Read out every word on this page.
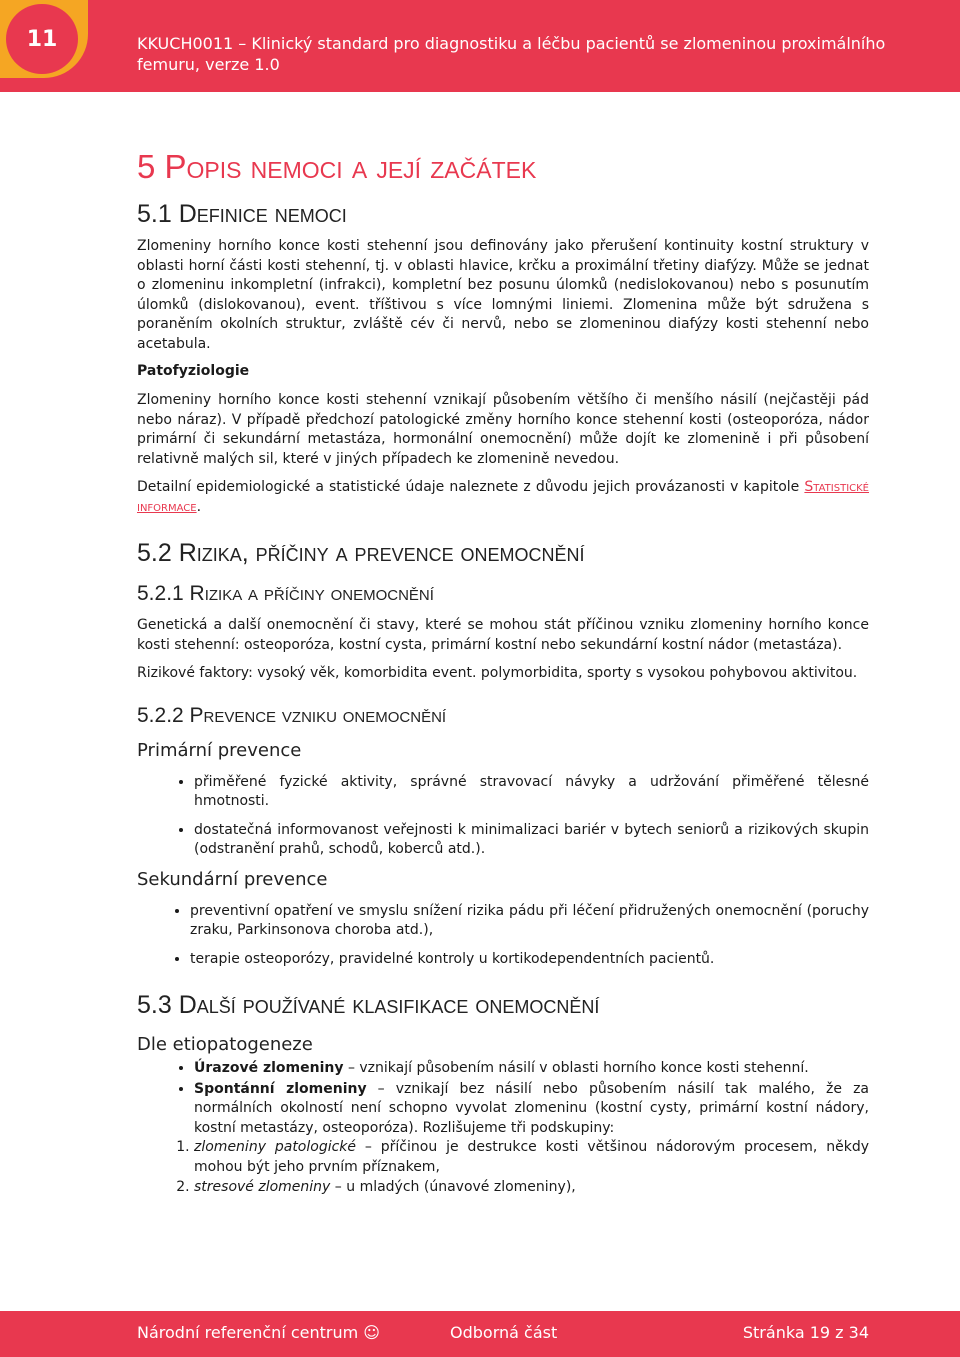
11	KKUCH0011 – Klinický standard pro diagnostiku a léčbu pacientů se zlomeninou proximálního femuru, verze 1.0
5 Popis nemoci a její začátek
5.1 Definice nemoci

Zlomeniny horního konce kosti stehenní jsou definovány jako přerušení kontinuity kostní struktury v oblasti horní části kosti stehenní, tj. v oblasti hlavice, krčku a proximální třetiny diafýzy. Může se jednat o zlomeninu inkompletní (infrakci), kompletní bez posunu úlomků (nedislokovanou) nebo s posunutím úlomků (dislokovanou), event. tříštivou s více lomnými liniemi. Zlomenina může být sdružena s poraněním okolních struktur, zvláště cév či nervů, nebo se zlomeninou diafýzy kosti stehenní nebo acetabula.

Patofyziologie

Zlomeniny horního konce kosti stehenní vznikají působením většího či menšího násilí (nejčastěji pád nebo náraz). V případě předchozí patologické změny horního konce stehenní kosti (osteoporóza, nádor primární či sekundární metastáza, hormonální onemocnění) může dojít ke zlomenině i při působení relativně malých sil, které v jiných případech ke zlomenině nevedou.

Detailní epidemiologické a statistické údaje naleznete z důvodu jejich provázanosti v kapitole Statistické informace.

5.2 Rizika, příčiny a prevence onemocnění
5.2.1 Rizika a příčiny onemocnění

Genetická a další onemocnění či stavy, které se mohou stát příčinou vzniku zlomeniny horního konce kosti stehenní: osteoporóza, kostní cysta, primární kostní nebo sekundární kostní nádor (metastáza).

Rizikové faktory: vysoký věk, komorbidita event. polymorbidita, sporty s vysokou pohybovou aktivitou.

5.2.2 Prevence vzniku onemocnění
Primární prevence
• přiměřené fyzické aktivity, správné stravovací návyky a udržování přiměřené tělesné hmotnosti.
• dostatečná informovanost veřejnosti k minimalizaci bariér v bytech seniorů a rizikových skupin (odstranění prahů, schodů, koberců atd.).
Sekundární prevence
• preventivní opatření ve smyslu snížení rizika pádu při léčení přidružených onemocnění (poruchy zraku, Parkinsonova choroba atd.),
• terapie osteoporózy, pravidelné kontroly u kortikodependentních pacientů.
5.3 Další používané klasifikace onemocnění
Dle etiopatogeneze
• Úrazové zlomeniny – vznikají působením násilí v oblasti horního konce kosti stehenní.
• Spontánní zlomeniny – vznikají bez násilí nebo působením násilí tak malého, že za normálních okolností není schopno vyvolat zlomeninu (kostní cysty, primární kostní nádory, kostní metastázy, osteoporóza). Rozlišujeme tři podskupiny:
1. zlomeniny patologické – příčinou je destrukce kosti většinou nádorovým procesem, někdy mohou být jeho prvním příznakem,
2. stresové zlomeniny – u mladých (únavové zlomeniny),
Národní referenční centrum ☺	Odborná část	Stránka 19 z 34
